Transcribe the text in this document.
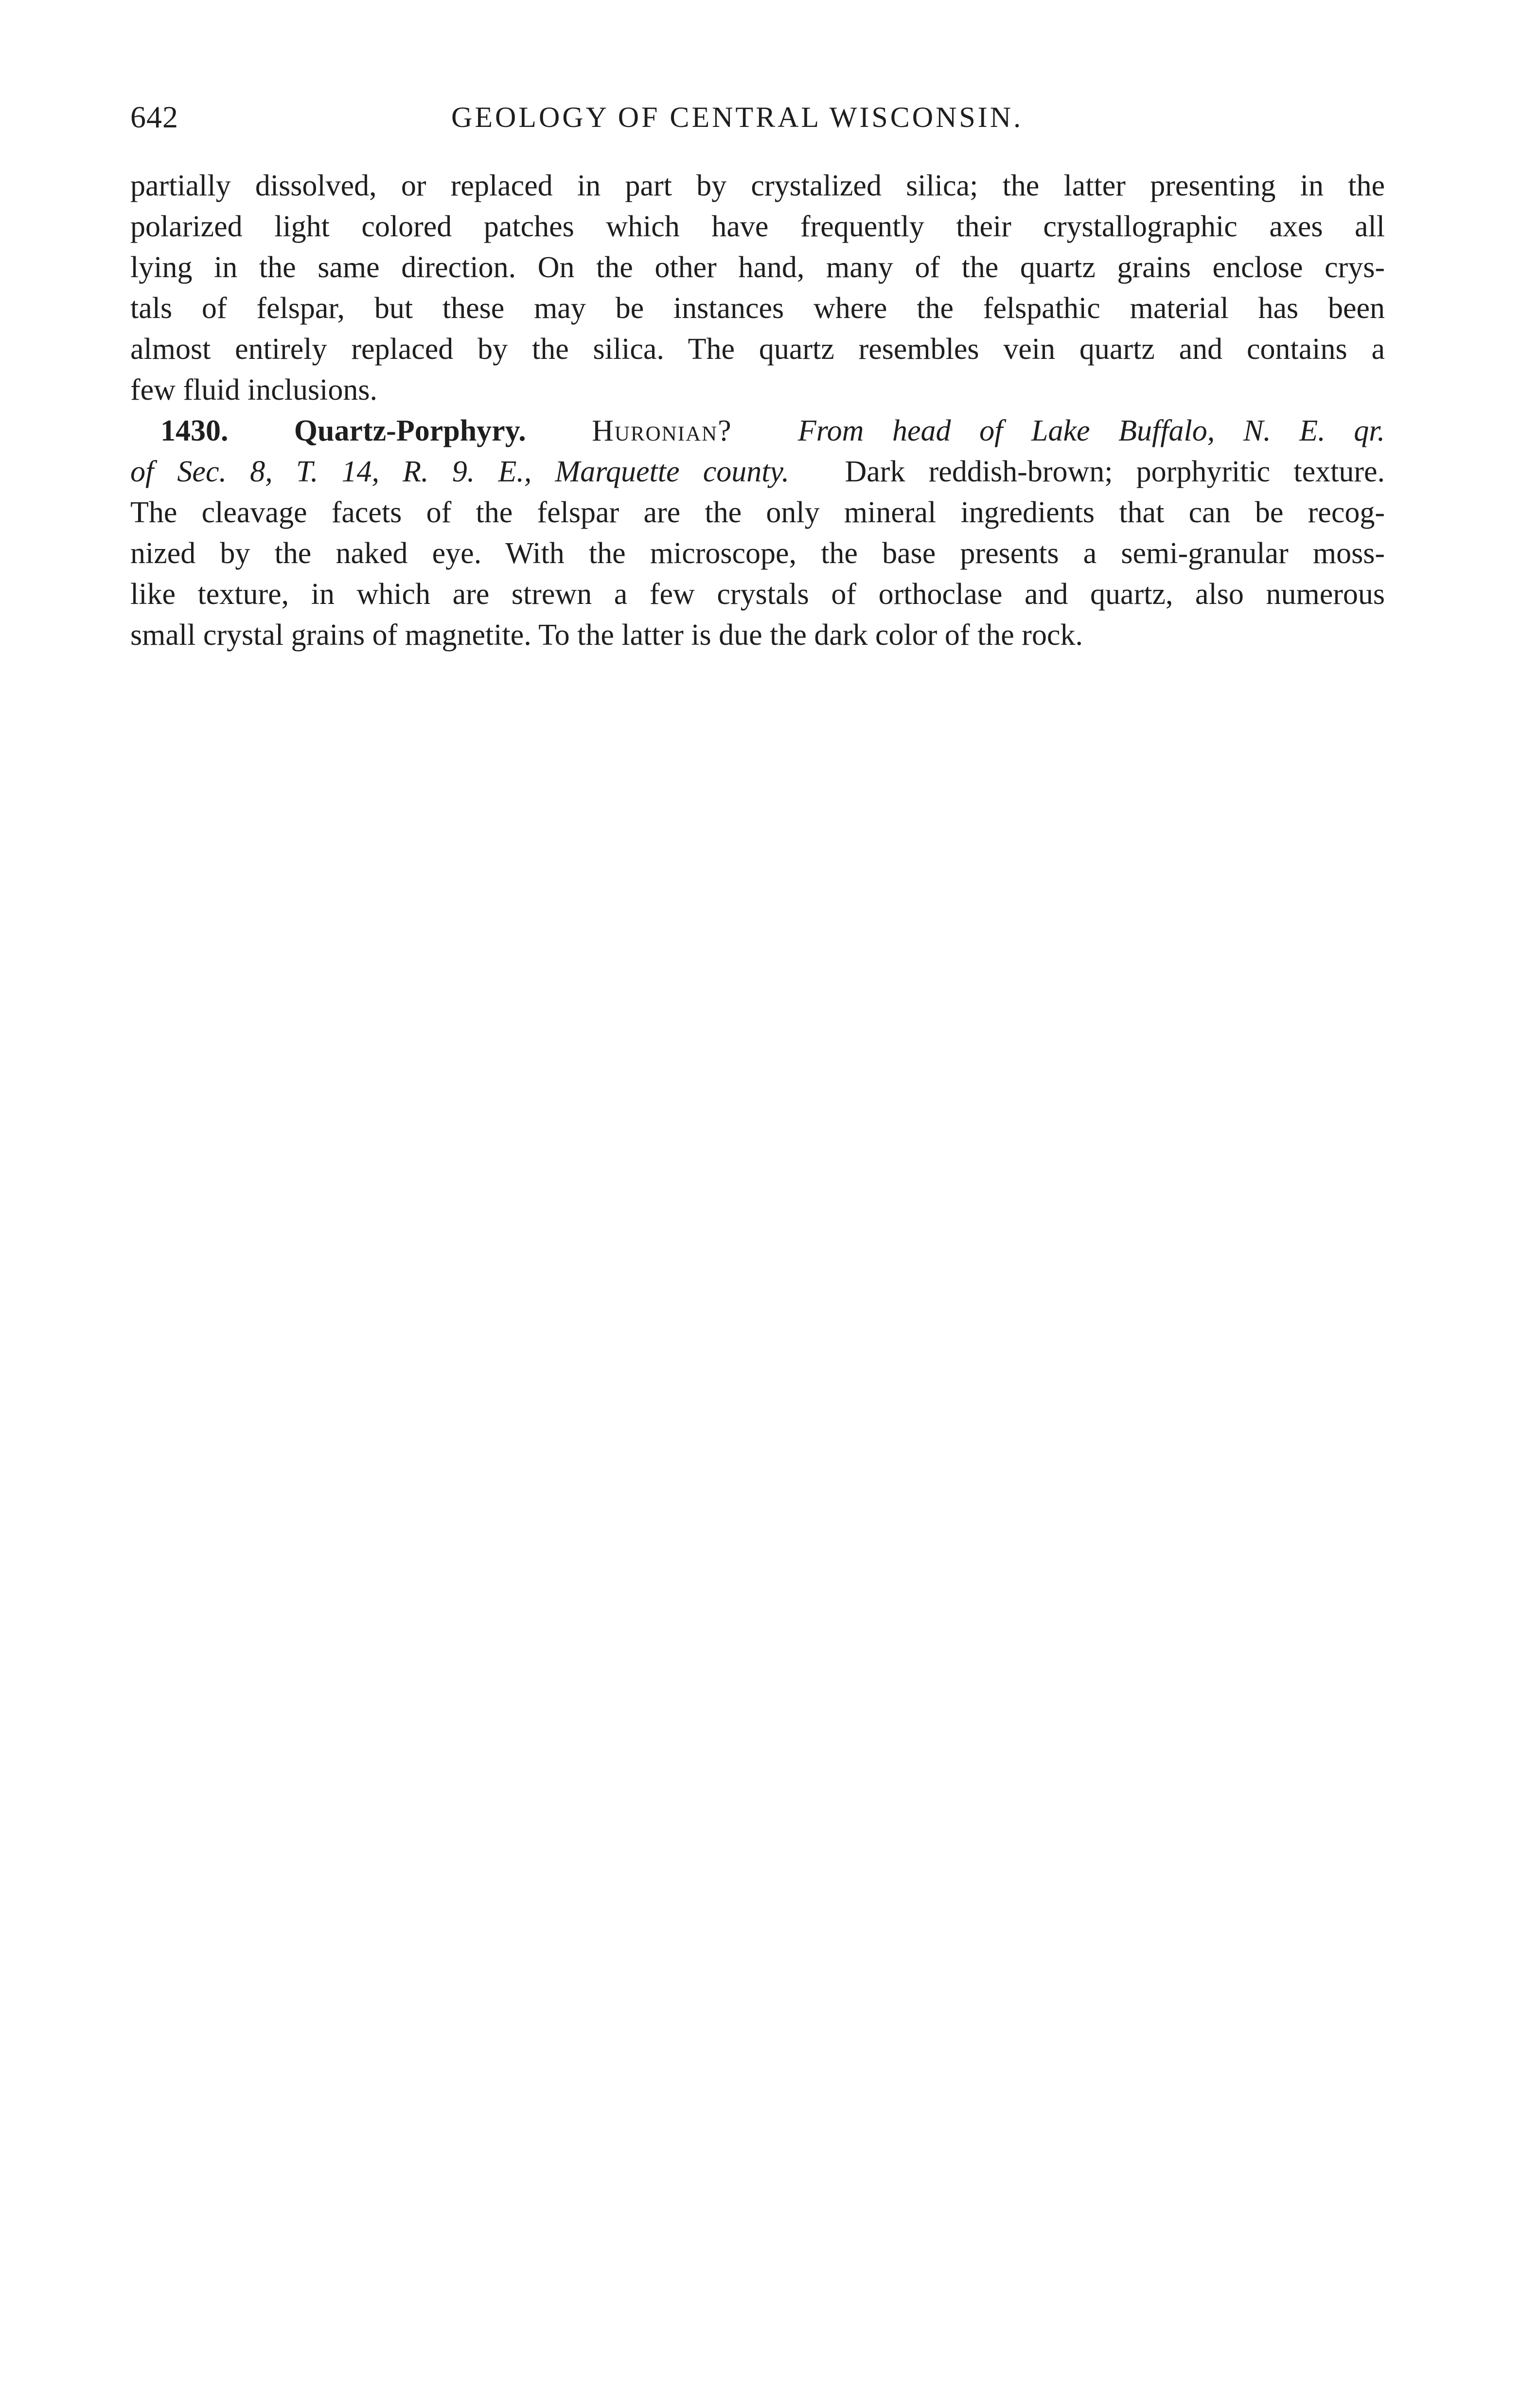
642	GEOLOGY OF CENTRAL WISCONSIN.
partially dissolved, or replaced in part by crystalized silica; the latter presenting in the
polarized light colored patches which have frequently their crystallographic axes all
lying in the same direction. On the other hand, many of the quartz grains enclose crys-
tals of felspar, but these may be instances where the felspathic material has been
almost entirely replaced by the silica. The quartz resembles vein quartz and contains a
few fluid inclusions.
1430. Quartz-Porphyry. Huronian? From head of Lake Buffalo, N. E. qr.
of Sec. 8, T. 14, R. 9. E., Marquette county. Dark reddish-brown; porphyritic texture.
The cleavage facets of the felspar are the only mineral ingredients that can be recog-
nized by the naked eye. With the microscope, the base presents a semi-granular moss-
like texture, in which are strewn a few crystals of orthoclase and quartz, also numerous
small crystal grains of magnetite. To the latter is due the dark color of the rock.
